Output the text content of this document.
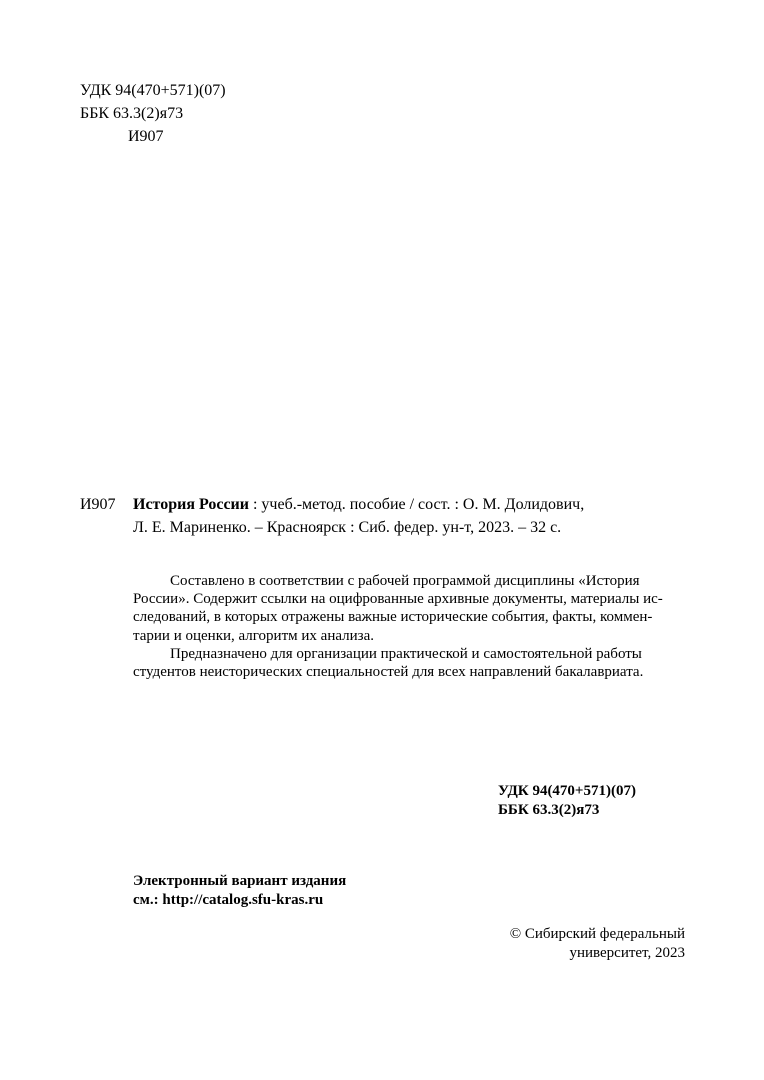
УДК 94(470+571)(07)
ББК 63.3(2)я73
И907
И907 История России : учеб.-метод. пособие / сост. : О. М. Долидович,
Л. Е. Мариненко. – Красноярск : Сиб. федер. ун-т, 2023. – 32 с.
Составлено в соответствии с рабочей программой дисциплины «История
России». Содержит ссылки на оцифрованные архивные документы, материалы ис-
следований, в которых отражены важные исторические события, факты, коммен-
тарии и оценки, алгоритм их анализа.
Предназначено для организации практической и самостоятельной работы
студентов неисторических специальностей для всех направлений бакалавриата.
УДК 94(470+571)(07)
ББК 63.3(2)я73
Электронный вариант издания
см.: http://catalog.sfu-kras.ru
© Сибирский федеральный
университет, 2023
